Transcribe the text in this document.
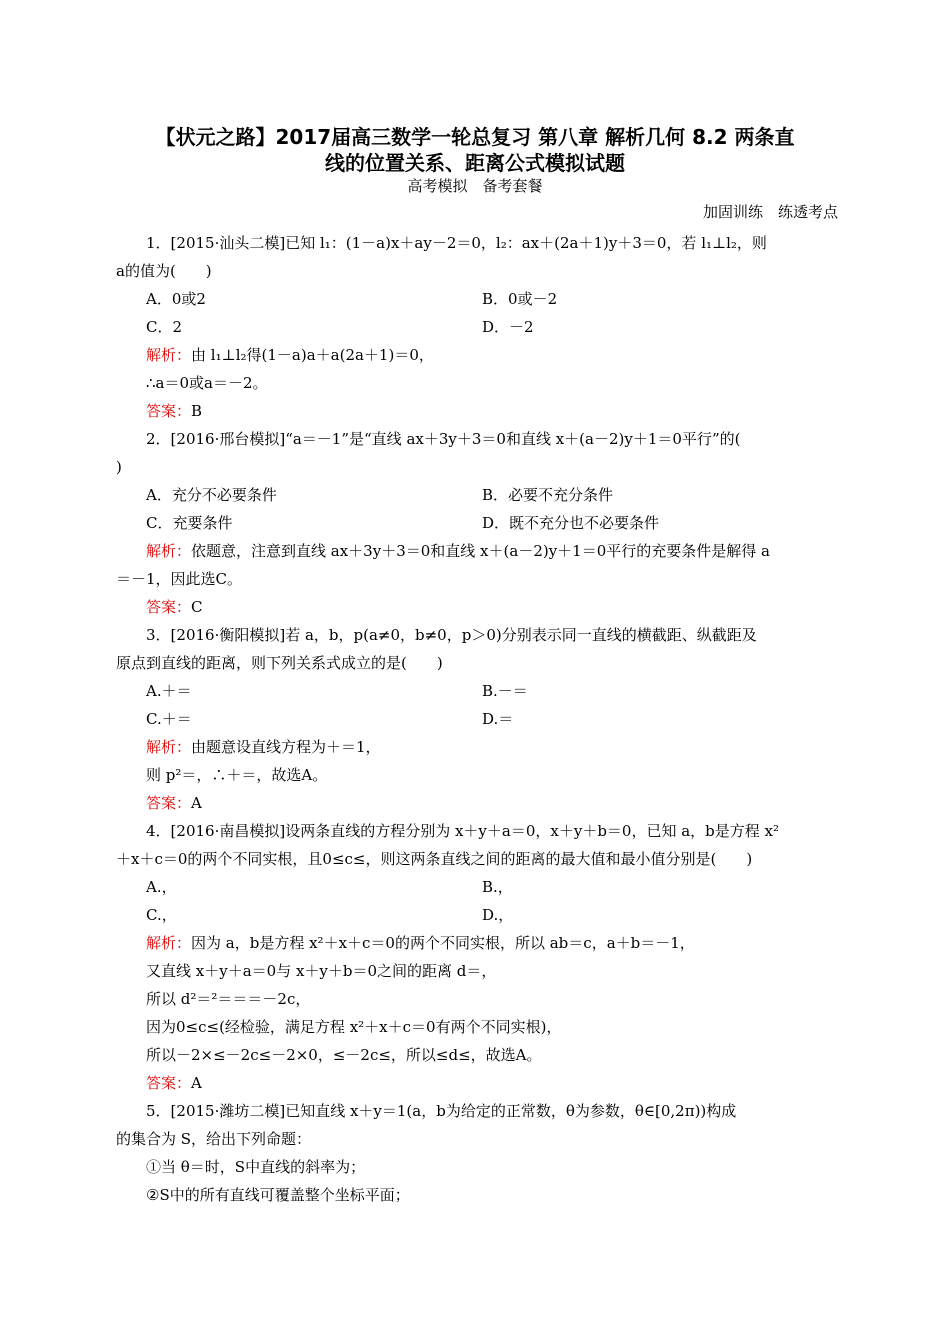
【状元之路】2017届高三数学一轮总复习 第八章 解析几何 8.2 两条直
线的位置关系、距离公式模拟试题
高考模拟　备考套餐
加固训练　练透考点
1．[2015·汕头二模]已知 l₁：(1－a)x＋ay－2＝0，l₂：ax＋(2a＋1)y＋3＝0，若 l₁⊥l₂，则
a的值为(　　)
A．0或2	B．0或－2
C．2	D．－2
解析：由 l₁⊥l₂得(1－a)a＋a(2a＋1)＝0，
∴a＝0或a＝－2。
答案：B
2．[2016·邢台模拟]“a＝－1”是“直线 ax＋3y＋3＝0和直线 x＋(a－2)y＋1＝0平行”的(
)
A．充分不必要条件	B．必要不充分条件
C．充要条件	D．既不充分也不必要条件
解析：依题意，注意到直线 ax＋3y＋3＝0和直线 x＋(a－2)y＋1＝0平行的充要条件是解得 a
＝－1，因此选C。
答案：C
3．[2016·衡阳模拟]若 a，b，p(a≠0，b≠0，p＞0)分别表示同一直线的横截距、纵截距及
原点到直线的距离，则下列关系式成立的是(　　)
A.＋＝	B.－＝
C.＋＝	D.＝
解析：由题意设直线方程为＋＝1，
则 p²＝，∴＋＝，故选A。
答案：A
4．[2016·南昌模拟]设两条直线的方程分别为 x＋y＋a＝0，x＋y＋b＝0，已知 a，b是方程 x²
＋x＋c＝0的两个不同实根，且0≤c≤，则这两条直线之间的距离的最大值和最小值分别是(　　)
A.，	B.，
C.，	D.，
解析：因为 a，b是方程 x²＋x＋c＝0的两个不同实根，所以 ab＝c，a＋b＝－1，
又直线 x＋y＋a＝0与 x＋y＋b＝0之间的距离 d＝，
所以 d²＝²＝＝＝－2c，
因为0≤c≤(经检验，满足方程 x²＋x＋c＝0有两个不同实根)，
所以－2×≤－2c≤－2×0，≤－2c≤，所以≤d≤，故选A。
答案：A
5．[2015·潍坊二模]已知直线 x＋y＝1(a，b为给定的正常数，θ为参数，θ∈[0,2π))构成
的集合为 S，给出下列命题：
①当 θ＝时，S中直线的斜率为；
②S中的所有直线可覆盖整个坐标平面；
